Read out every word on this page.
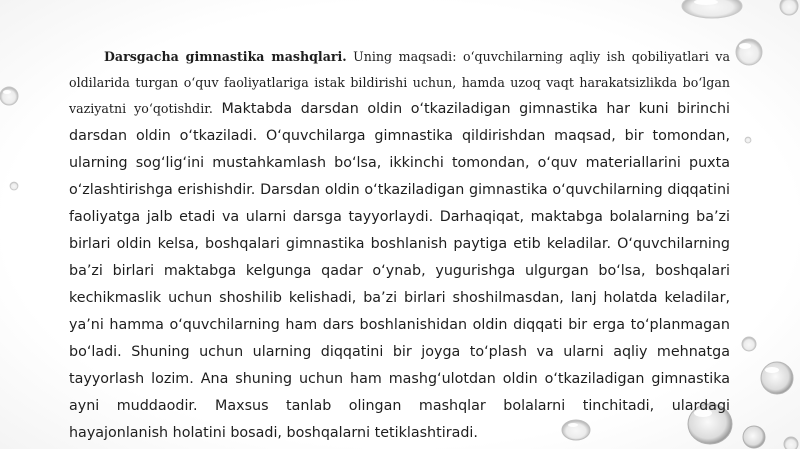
Darsgacha gimnastika mashqlari. Uning maqsadi: o‘quvchilarning aqliy ish qobiliyatlari va oldilarida turgan o‘quv faoliyatlariga istak bildirishi uchun, hamda uzoq vaqt harakatsizlikda bo‘lgan vaziyatni yo‘qotishdir. Maktabda darsdan oldin o‘tkaziladigan gimnastika har kuni birinchi darsdan oldin o‘tkaziladi. O‘quvchilarga gimnastika qildirishdan maqsad, bir tomondan, ularning sog‘lig‘ini mustahkamlash bo‘lsa, ikkinchi tomondan, o‘quv materiallarini puxta o‘zlashtirishga erishishdir. Darsdan oldin o‘tkaziladigan gimnastika o‘quvchilarning diqqatini faoliyatga jalb etadi va ularni darsga tayyorlaydi. Darhaqiqat, maktabga bolalarning ba’zi birlari oldin kelsa, boshqalari gimnastika boshlanish paytiga etib keladilar. O‘quvchilarning ba’zi birlari maktabga kelgunga qadar o‘ynab, yugurishga ulgurgan bo‘lsa, boshqalari kechikmaslik uchun shoshilib kelishadi, ba’zi birlari shoshilmasdan, lanj holatda keladilar, ya’ni hamma o‘quvchilarning ham dars boshlanishidan oldin diqqati bir erga to‘planmagan bo‘ladi. Shuning uchun ularning diqqatini bir joyga to‘plash va ularni aqliy mehnatga tayyorlash lozim. Ana shuning uchun ham mashg‘ulotdan oldin o‘tkaziladigan gimnastika ayni muddaodir. Maxsus tanlab olingan mashqlar bolalarni tinchitadi, ulardagi hayajonlanish holatini bosadi, boshqalarni tetiklashtiradi.
